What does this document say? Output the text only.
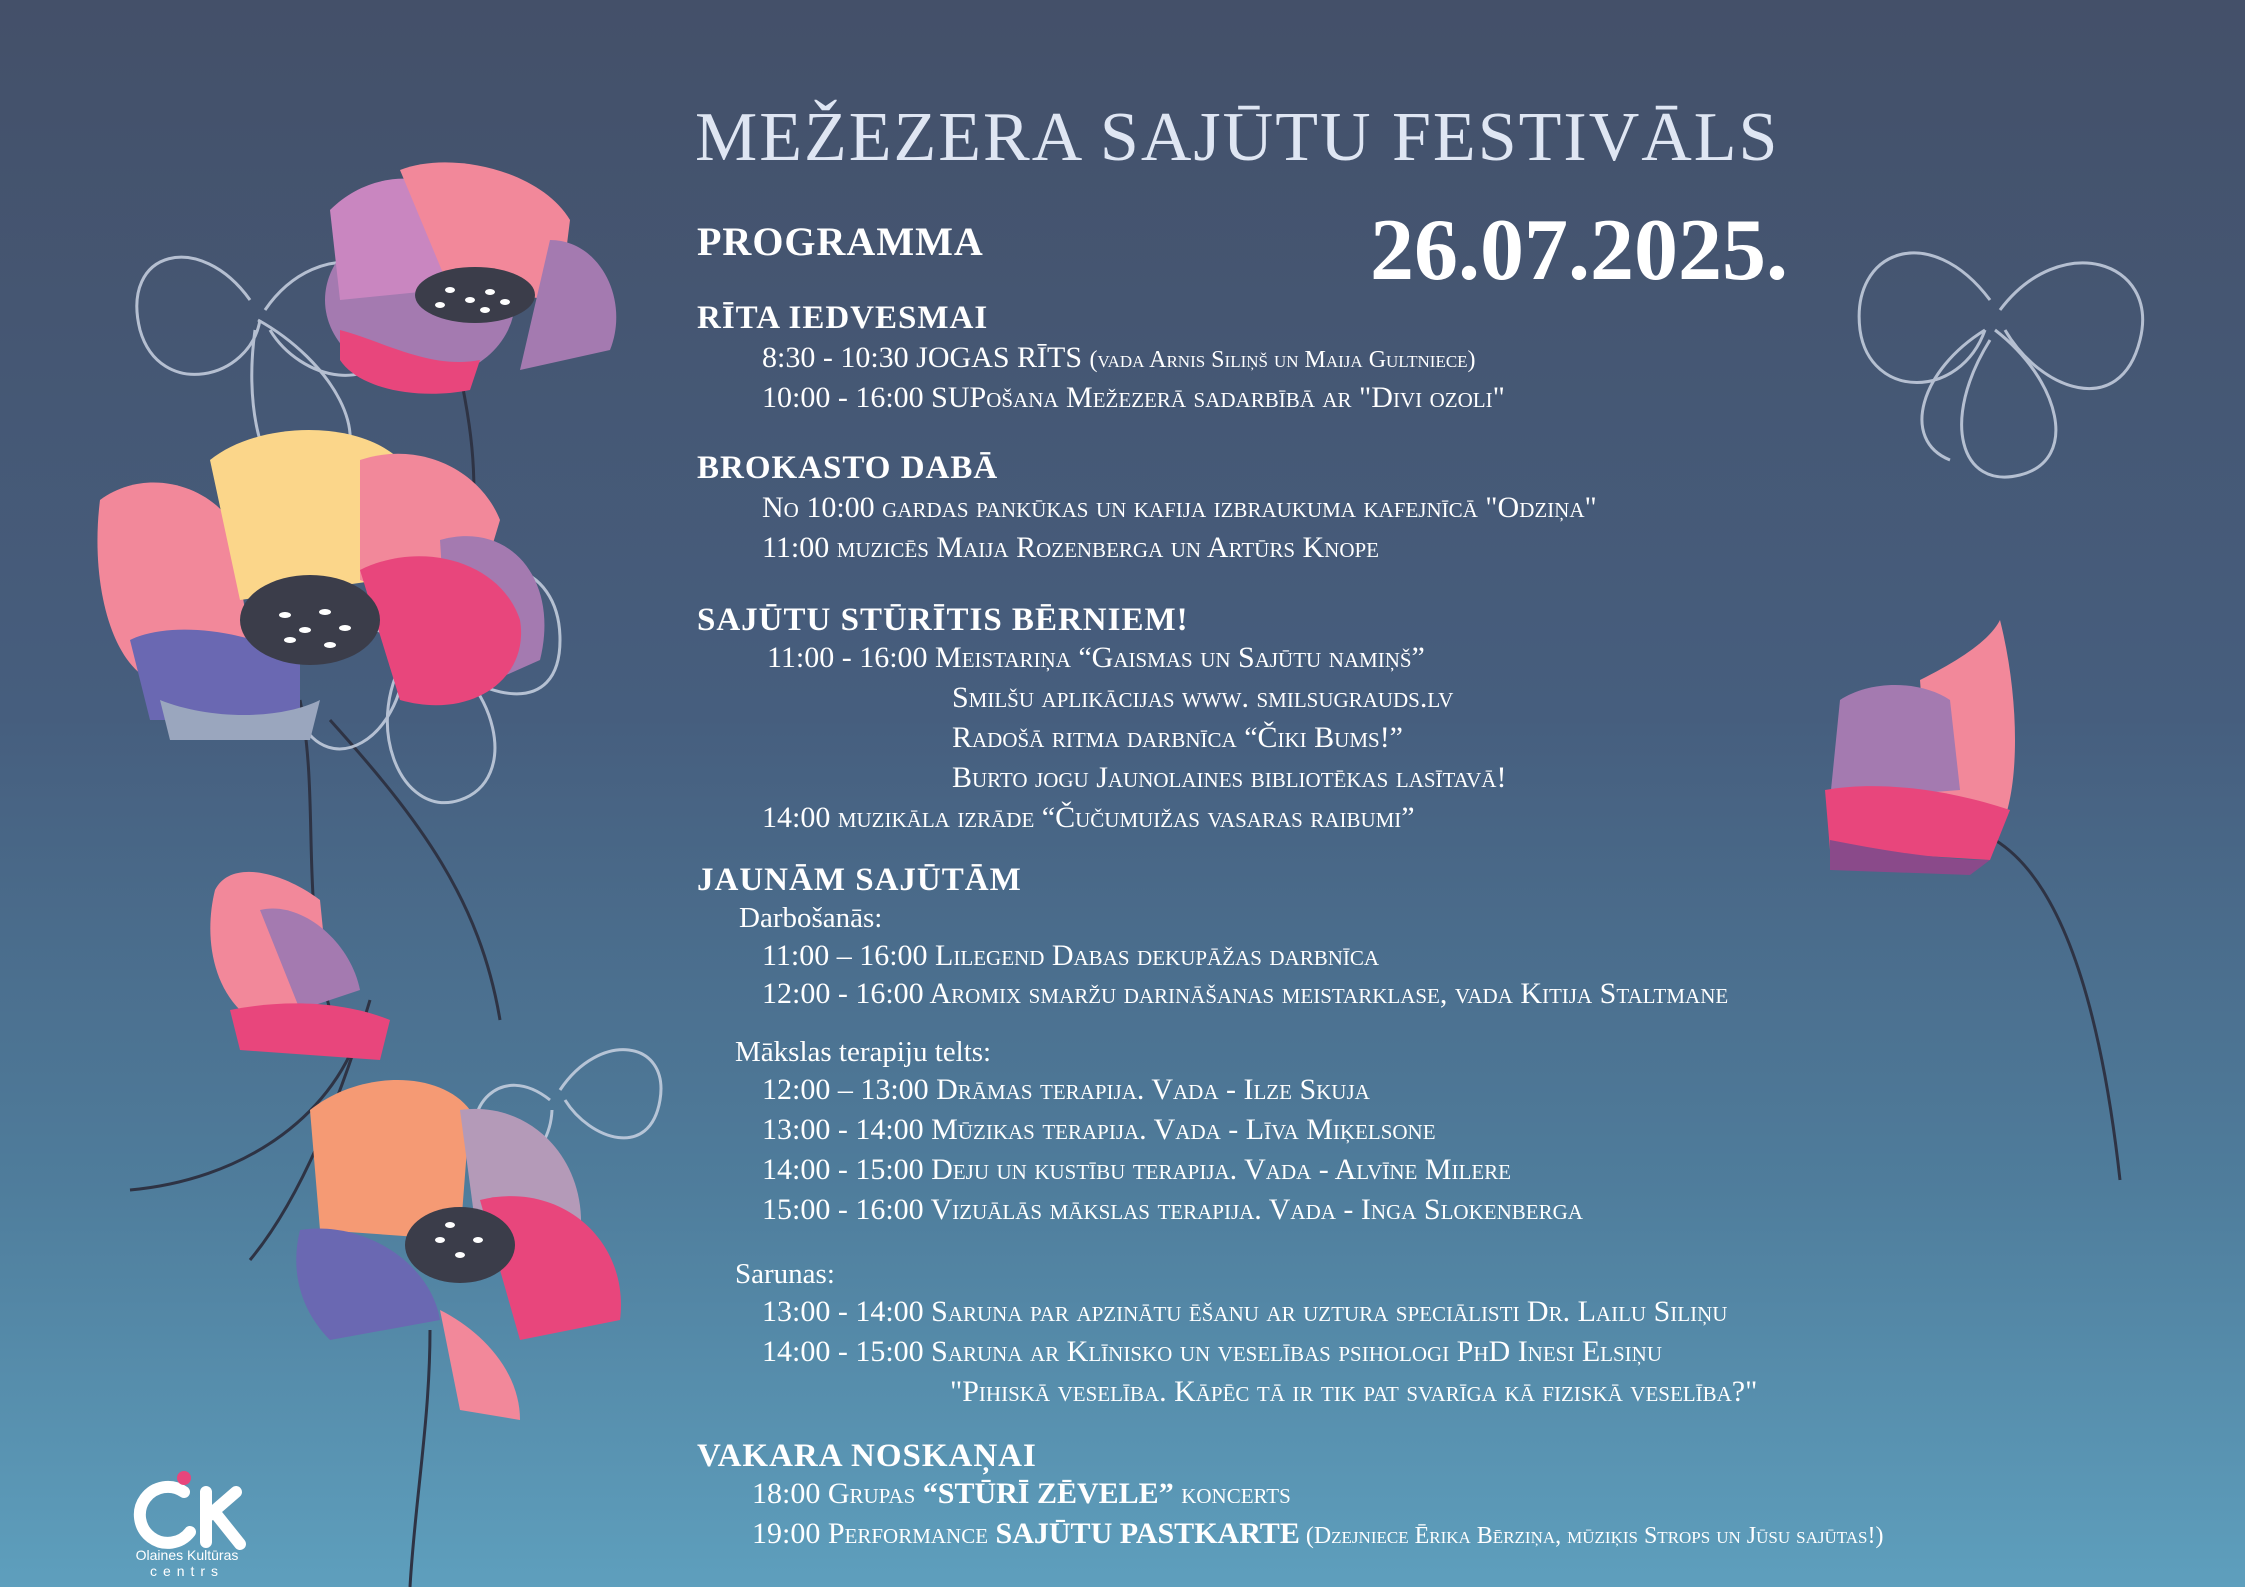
MEŽEZERA SAJŪTU FESTIVĀLS
PROGRAMMA	26.07.2025.
RĪTA IEDVESMAI
8:30 - 10:30 JOGAS RĪTS (vada Arnis Siliņš un Maija Gultniece)
10:00 - 16:00 SUPošana Mežezerā sadarbībā ar "Divi ozoli"
BROKASTO DABĀ
No 10:00 gardas pankūkas un kafija izbraukuma kafejnīcā "Odziņa"
11:00 muzicēs Maija Rozenberga un Artūrs Knope
SAJŪTU STŪRĪTIS BĒRNIEM!
11:00 - 16:00 Meistariņa “Gaismas un Sajūtu namiņš”
Smilšu aplikācijas www. smilsugrauds.lv
Radošā ritma darbnīca “Čiki Bums!”
Burto jogu Jaunolaines bibliotēkas lasītavā!
14:00 muzikāla izrāde “Čučumuižas vasaras raibumi”
JAUNĀM SAJŪTĀM
Darbošanās:
11:00 – 16:00 Lilegend Dabas dekupāžas darbnīca
12:00 - 16:00 Aromix smaržu darināšanas meistarklase, vada Kitija Staltmane
Mākslas terapiju telts:
12:00 – 13:00 Drāmas terapija. Vada - Ilze Skuja
13:00 - 14:00 Mūzikas terapija. Vada - Līva Miķelsone
14:00 - 15:00 Deju un kustību terapija. Vada - Alvīne Milere
15:00 - 16:00 Vizuālās mākslas terapija. Vada - Inga Slokenberga
Sarunas:
13:00 - 14:00 Saruna par apzinātu ēšanu ar uztura speciālisti Dr. Lailu Siliņu
14:00 - 15:00 Saruna ar Klīnisko un veselības psihologi PhD Inesi Elsiņu
"Pihiskā veselība. Kāpēc tā ir tik pat svarīga kā fiziskā veselība?"
VAKARA NOSKAŅAI
18:00 Grupas “STŪRĪ ZĒVELE” koncerts
19:00 Performance SAJŪTU PASTKARTE (Dzejniece Ērika Bērziņa, mūziķis Strops un Jūsu sajūtas!)
Olaines Kultūras
centrs
